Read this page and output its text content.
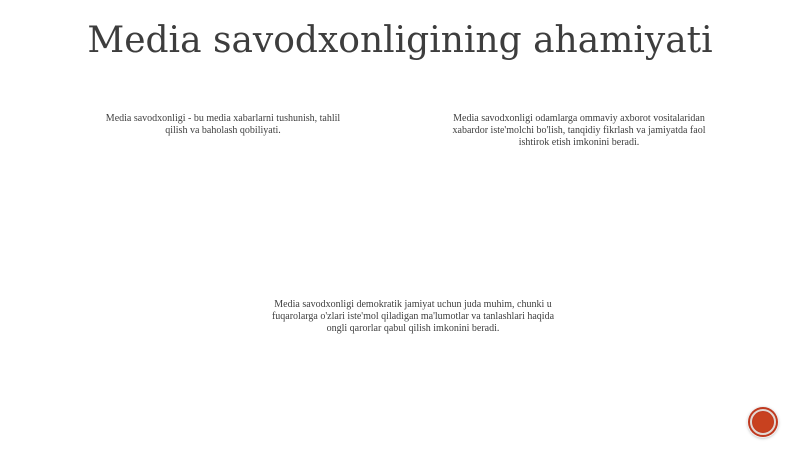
Media savodxonligining ahamiyati
Media savodxonligi - bu media xabarlarni tushunish, tahlil
qilish va baholash qobiliyati.
Media savodxonligi odamlarga ommaviy axborot vositalaridan
xabardor iste'molchi bo'lish, tanqidiy fikrlash va jamiyatda faol
ishtirok etish imkonini beradi.
Media savodxonligi demokratik jamiyat uchun juda muhim, chunki u
fuqarolarga o'zlari iste'mol qiladigan ma'lumotlar va tanlashlari haqida
ongli qarorlar qabul qilish imkonini beradi.
